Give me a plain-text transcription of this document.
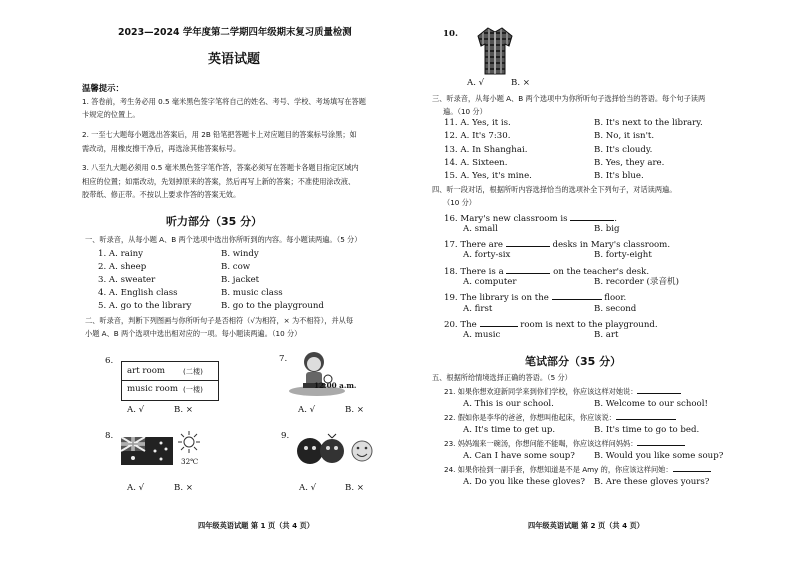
2023—2024 学年度第二学期四年级期末复习质量检测
英语试题
温馨提示：
1. 答卷前，考生务必用 0.5 毫米黑色签字笔将自己的姓名、考号、学校、考场填写在答题
卡规定的位置上。
2. 一至七大题每小题选出答案后，用 2B 铅笔把答题卡上对应题目的答案标号涂黑；如
需改动，用橡皮擦干净后，再选涂其他答案标号。
3. 八至九大题必须用 0.5 毫米黑色签字笔作答，答案必须写在答题卡各题目指定区域内
相应的位置；如需改动，先划掉原来的答案，然后再写上新的答案；不准使用涂改液、
胶带纸、修正带。不按以上要求作答的答案无效。
听力部分（35 分）
一、听录音，从每小题 A、B 两个选项中选出你所听到的内容。每小题读两遍。（5 分）
1. A. rainy	B. windy
2. A. sheep	B. cow
3. A. sweater	B. jacket
4. A. English class	B. music class
5. A. go to the library	B. go to the playground
二、听录音，判断下列图画与你所听句子是否相符（√为相符，× 为不相符），并从每
小题 A、B 两个选项中选出相对应的一项。每小题读两遍。（10 分）
6.
art room (二楼)
music room (一楼)
A. √	B. ×
7.
12:00 a.m.
A. √	B. ×
8.
32℃
A. √	B. ×
9.
A. √	B. ×
四年级英语试题 第 1 页（共 4 页）
10.
A. √	B. ×
三、听录音，从每小题 A、B 两个选项中为你所听句子选择恰当的答语。每个句子读两
遍。（10 分）
11. A. Yes, it is.	B. It's next to the library.
12. A. It's 7:30.	B. No, it isn't.
13. A. In Shanghai.	B. It's cloudy.
14. A. Sixteen.	B. Yes, they are.
15. A. Yes, it's mine.	B. It's blue.
四、听一段对话，根据所听内容选择恰当的选项补全下列句子，对话读两遍。
（10 分）
16. Mary's new classroom is	.
A. small	B. big
17. There are	desks in Mary's classroom.
A. forty-six	B. forty-eight
18. There is a	on the teacher's desk.
A. computer	B. recorder (录音机)
19. The library is on the	floor.
A. first	B. second
20. The	room is next to the playground.
A. music	B. art
笔试部分（35 分）
五、根据所给情境选择正确的答语。（5 分）
21. 如果你想欢迎新同学来到你们学校，你应该这样对她说：
A. This is our school.	B. Welcome to our school!
22. 假如你是李华的爸爸，你想叫他起床，你应该说：
A. It's time to get up.	B. It's time to go to bed.
23. 妈妈端来一碗汤，你想问能不能喝，你应该这样问妈妈：
A. Can I have some soup? B. Would you like some soup?
24. 如果你捡到一副手套，你想知道是不是 Amy 的，你应该这样问她：
A. Do you like these gloves? B. Are these gloves yours?
四年级英语试题 第 2 页（共 4 页）
